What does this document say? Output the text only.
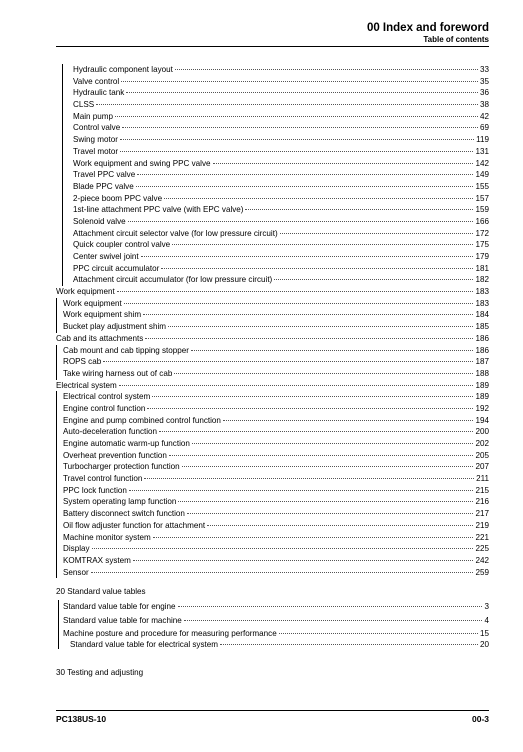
00 Index and foreword
Table of contents
Hydraulic component layout	33
Valve control	35
Hydraulic tank	36
CLSS	38
Main pump	42
Control valve	69
Swing motor	119
Travel motor	131
Work equipment and swing PPC valve	142
Travel PPC valve	149
Blade PPC valve	155
2-piece boom PPC valve	157
1st-line attachment PPC valve (with EPC valve)	159
Solenoid valve	166
Attachment circuit selector valve (for low pressure circuit)	172
Quick coupler control valve	175
Center swivel joint	179
PPC circuit accumulator	181
Attachment circuit accumulator (for low pressure circuit)	182
Work equipment	183
Work equipment	183
Work equipment shim	184
Bucket play adjustment shim	185
Cab and its attachments	186
Cab mount and cab tipping stopper	186
ROPS cab	187
Take wiring harness out of cab	188
Electrical system	189
Electrical control system	189
Engine control function	192
Engine and pump combined control function	194
Auto-deceleration function	200
Engine automatic warm-up function	202
Overheat prevention function	205
Turbocharger protection function	207
Travel control function	211
PPC lock function	215
System operating lamp function	216
Battery disconnect switch function	217
Oil flow adjuster function for attachment	219
Machine monitor system	221
Display	225
KOMTRAX system	242
Sensor	259
20 Standard value tables
Standard value table for engine	3
Standard value table for machine	4
Machine posture and procedure for measuring performance	15
Standard value table for electrical system	20
30 Testing and adjusting
PC138US-10	00-3
